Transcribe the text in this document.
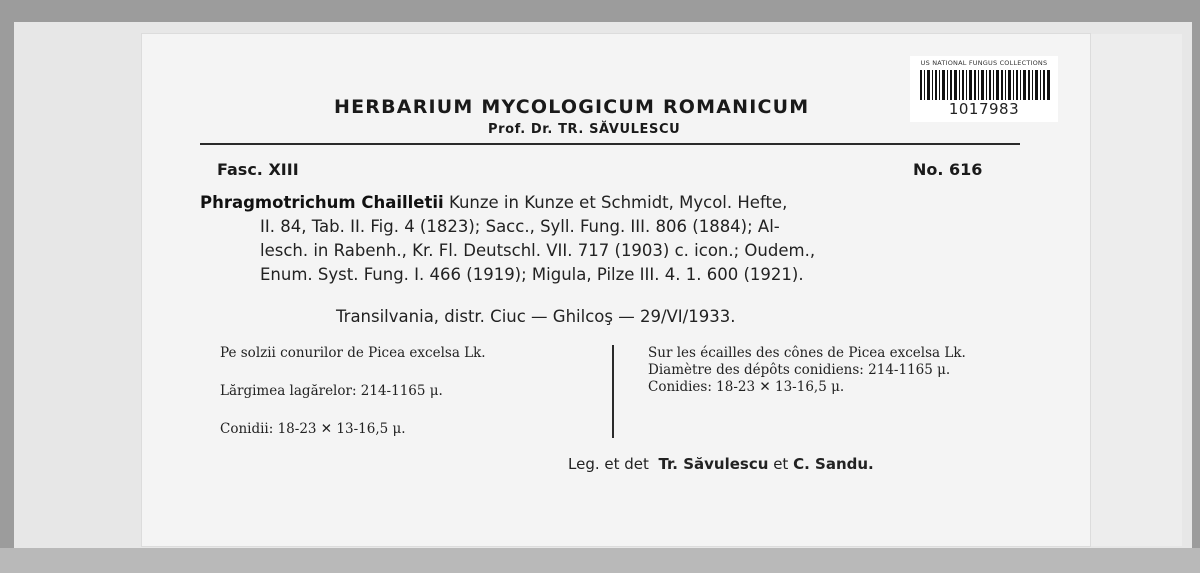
US NATIONAL FUNGUS COLLECTIONS
1017983
HERBARIUM MYCOLOGICUM ROMANICUM
Prof. Dr. TR. SĂVULESCU
Fasc. XIII	No. 616
Phragmotrichum Chailletii Kunze in Kunze et Schmidt, Mycol. Hefte,
II. 84, Tab. II. Fig. 4 (1823); Sacc., Syll. Fung. III. 806 (1884); Al-
lesch. in Rabenh., Kr. Fl. Deutschl. VII. 717 (1903) c. icon.; Oudem.,
Enum. Syst. Fung. I. 466 (1919); Migula, Pilze III. 4. 1. 600 (1921).
Transilvania, distr. Ciuc — Ghilcoş — 29/VI/1933.
Pe solzii conurilor de Picea excelsa Lk.
Lărgimea lagărelor: 214-1165 μ.
Conidii: 18-23 ✕ 13-16,5 μ.
Sur les écailles des cônes de Picea excelsa Lk.
Diamètre des dépôts conidiens: 214-1165 μ.
Conidies: 18-23 ✕ 13-16,5 μ.
Leg. et det Tr. Săvulescu et C. Sandu.
